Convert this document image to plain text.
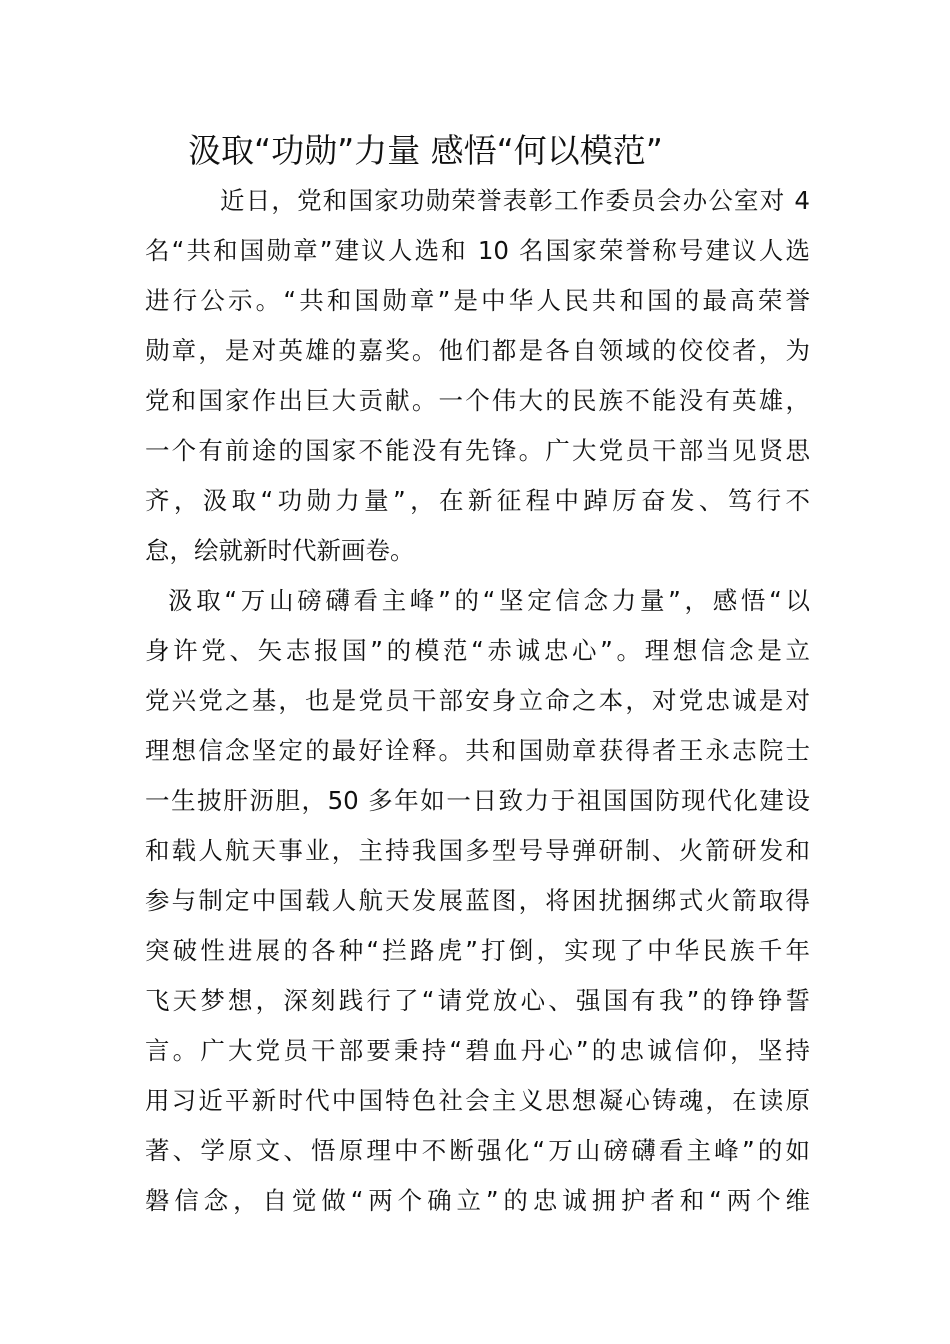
汲取“功勋”力量 感悟“何以模范”

近日，党和国家功勋荣誉表彰工作委员会办公室对 4

名“共和国勋章”建议人选和 10 名国家荣誉称号建议人选

进行公示。“共和国勋章”是中华人民共和国的最高荣誉

勋章，是对英雄的嘉奖。他们都是各自领域的佼佼者，为

党和国家作出巨大贡献。一个伟大的民族不能没有英雄，

一个有前途的国家不能没有先锋。广大党员干部当见贤思

齐，汲取“功勋力量”，在新征程中踔厉奋发、笃行不

怠，绘就新时代新画卷。

汲取“万山磅礴看主峰”的“坚定信念力量”，感悟“以

身许党、矢志报国”的模范“赤诚忠心”。理想信念是立

党兴党之基，也是党员干部安身立命之本，对党忠诚是对

理想信念坚定的最好诠释。共和国勋章获得者王永志院士

一生披肝沥胆，50 多年如一日致力于祖国国防现代化建设

和载人航天事业，主持我国多型号导弹研制、火箭研发和

参与制定中国载人航天发展蓝图，将困扰捆绑式火箭取得

突破性进展的各种“拦路虎”打倒，实现了中华民族千年

飞天梦想，深刻践行了“请党放心、强国有我”的铮铮誓

言。广大党员干部要秉持“碧血丹心”的忠诚信仰，坚持

用习近平新时代中国特色社会主义思想凝心铸魂，在读原

著、学原文、悟原理中不断强化“万山磅礴看主峰”的如

磐信念，自觉做“两个确立”的忠诚拥护者和“两个维
